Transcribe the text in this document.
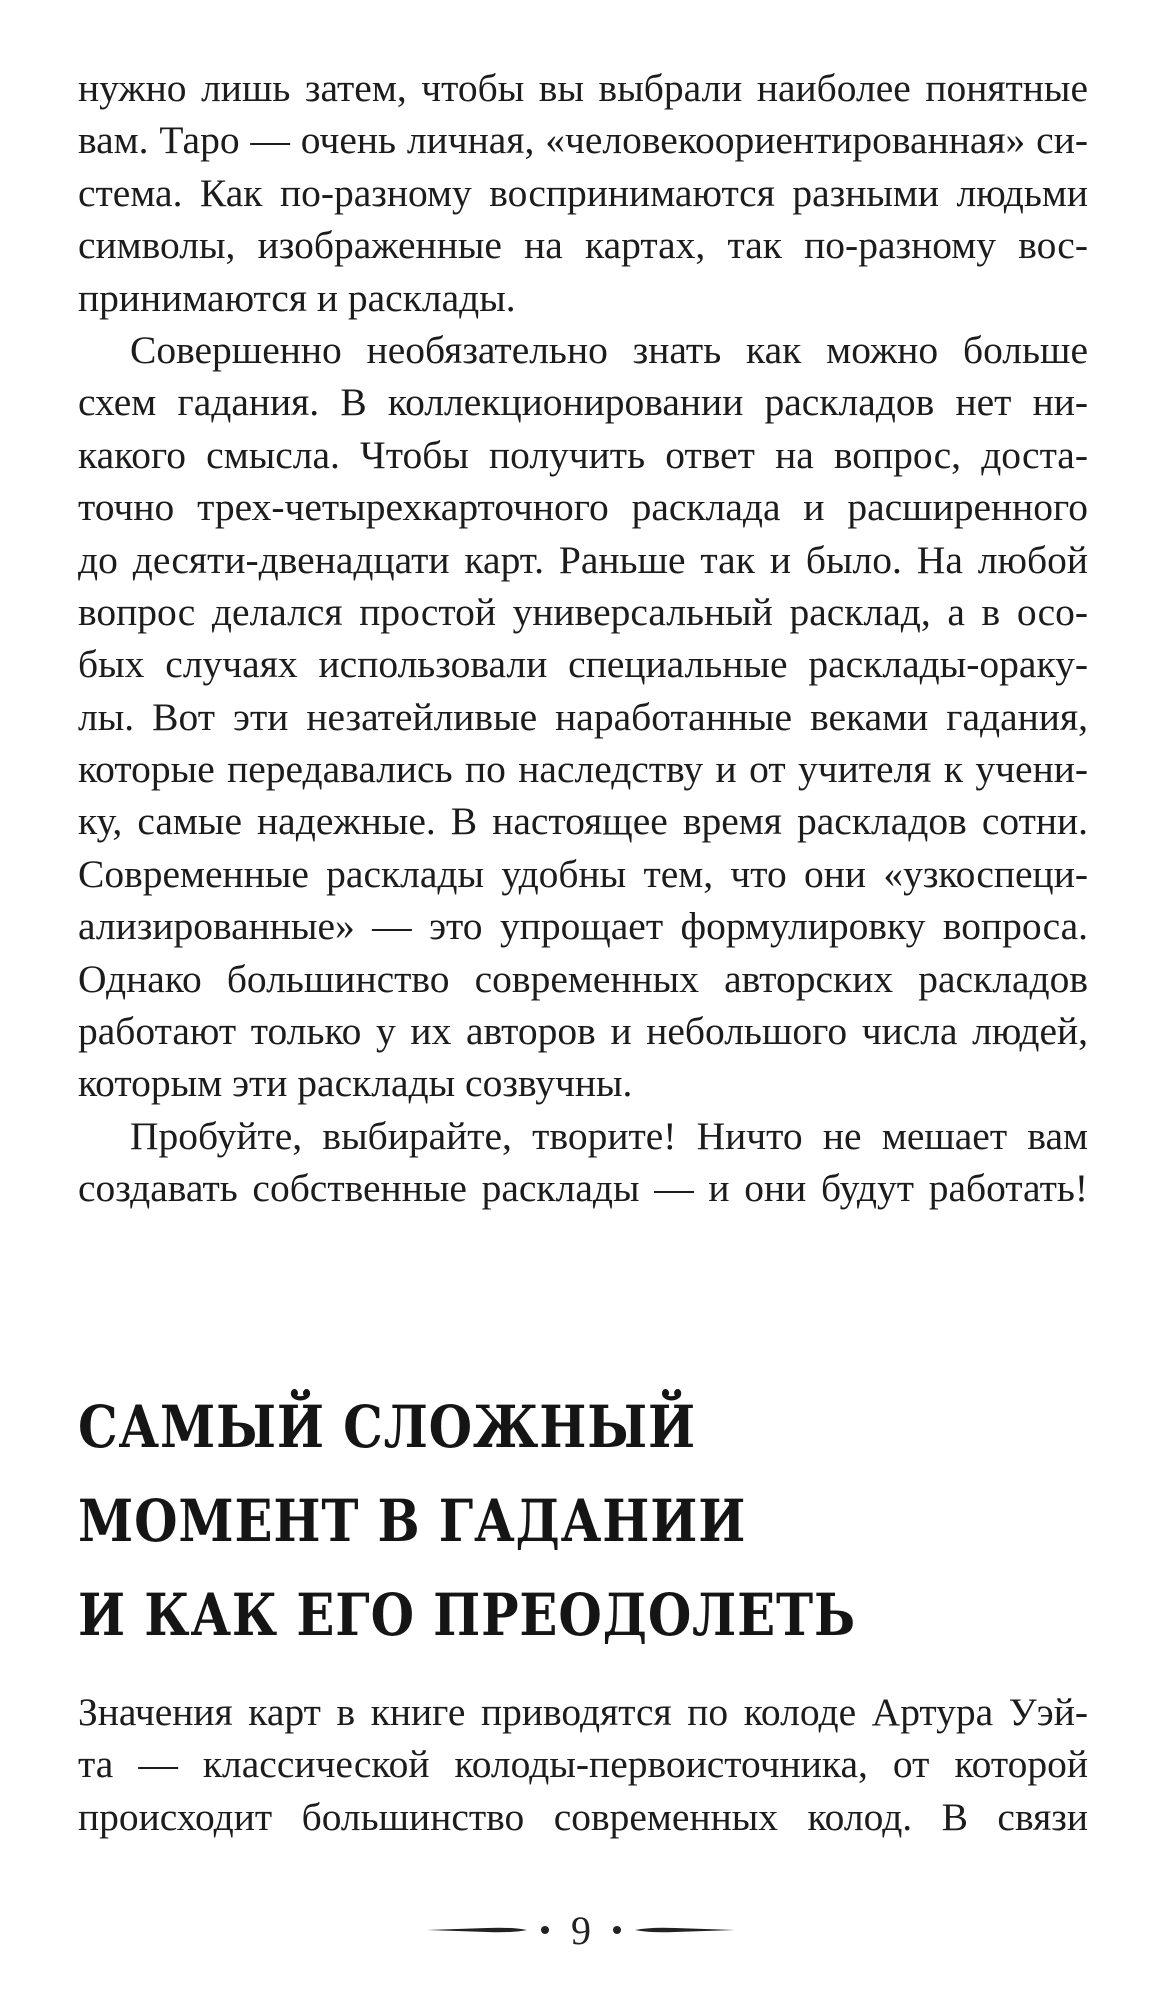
нужно лишь затем, чтобы вы выбрали наиболее понятные
вам. Таро — очень личная, «человекоориентированная» си-
стема. Как по-разному воспринимаются разными людьми
символы, изображенные на картах, так по-разному вос-
принимаются и расклады.

Совершенно необязательно знать как можно больше
схем гадания. В коллекционировании раскладов нет ни-
какого смысла. Чтобы получить ответ на вопрос, доста-
точно трех-четырехкарточного расклада и расширенного
до десяти-двенадцати карт. Раньше так и было. На любой
вопрос делался простой универсальный расклад, а в осо-
бых случаях использовали специальные расклады-ораку-
лы. Вот эти незатейливые наработанные веками гадания,
которые передавались по наследству и от учителя к учени-
ку, самые надежные. В настоящее время раскладов сотни.
Современные расклады удобны тем, что они «узкоспеци-
ализированные» — это упрощает формулировку вопроса.
Однако большинство современных авторских раскладов
работают только у их авторов и небольшого числа людей,
которым эти расклады созвучны.

Пробуйте, выбирайте, творите! Ничто не мешает вам
создавать собственные расклады — и они будут работать!

САМЫЙ СЛОЖНЫЙ
МОМЕНТ В ГАДАНИИ
И КАК ЕГО ПРЕОДОЛЕТЬ

Значения карт в книге приводятся по колоде Артура Уэй-
та — классической колоды-первоисточника, от которой
происходит большинство современных колод. В связи

9
